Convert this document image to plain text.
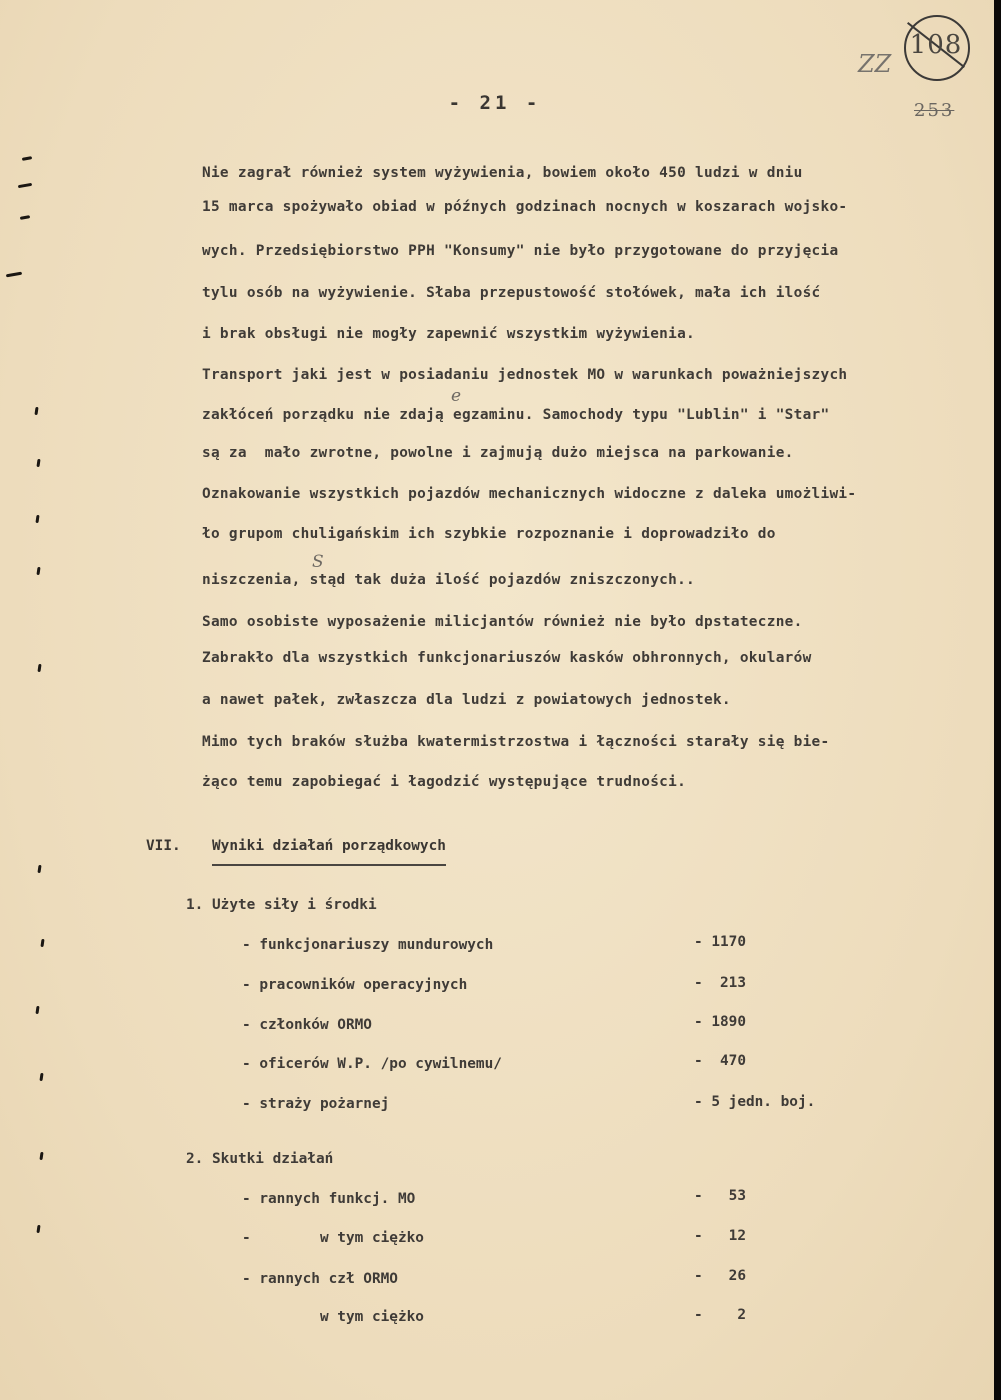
108
ZZ
253
- 21 -
Nie zagrał również system wyżywienia, bowiem około 450 ludzi w dniu
15 marca spożywało obiad w późnych godzinach nocnych w koszarach wojsko-
wych. Przedsiębiorstwo PPH "Konsumy" nie było przygotowane do przyjęcia
tylu osób na wyżywienie. Słaba przepustowość stołówek, mała ich ilość
i brak obsługi nie mogły zapewnić wszystkim wyżywienia.
Transport jaki jest w posiadaniu jednostek MO w warunkach poważniejszych
e
zakłóceń porządku nie zdają egzaminu. Samochody typu "Lublin" i "Star"
są za  mało zwrotne, powolne i zajmują dużo miejsca na parkowanie.
Oznakowanie wszystkich pojazdów mechanicznych widoczne z daleka umożliwi-
ło grupom chuligańskim ich szybkie rozpoznanie i doprowadziło do
S
niszczenia, stąd tak duża ilość pojazdów zniszczonych..
Samo osobiste wyposażenie milicjantów również nie było dpstateczne.
Zabrakło dla wszystkich funkcjonariuszów kasków obhronnych, okularów
a nawet pałek, zwłaszcza dla ludzi z powiatowych jednostek.
Mimo tych braków służba kwatermistrzostwa i łączności starały się bie-
żąco temu zapobiegać i łagodzić występujące trudności.
VII. Wyniki działań porządkowych
1. Użyte siły i środki
- funkcjonariuszy mundurowych	- 1170
- pracowników operacyjnych	-  213
- członków ORMO	- 1890
- oficerów W.P. /po cywilnemu/	-  470
- straży pożarnej	- 5 jedn. boj.
2. Skutki działań
- rannych funkcj. MO	-   53
-        w tym ciężko	-   12
- rannych czł ORMO	-   26
w tym ciężko	-    2
